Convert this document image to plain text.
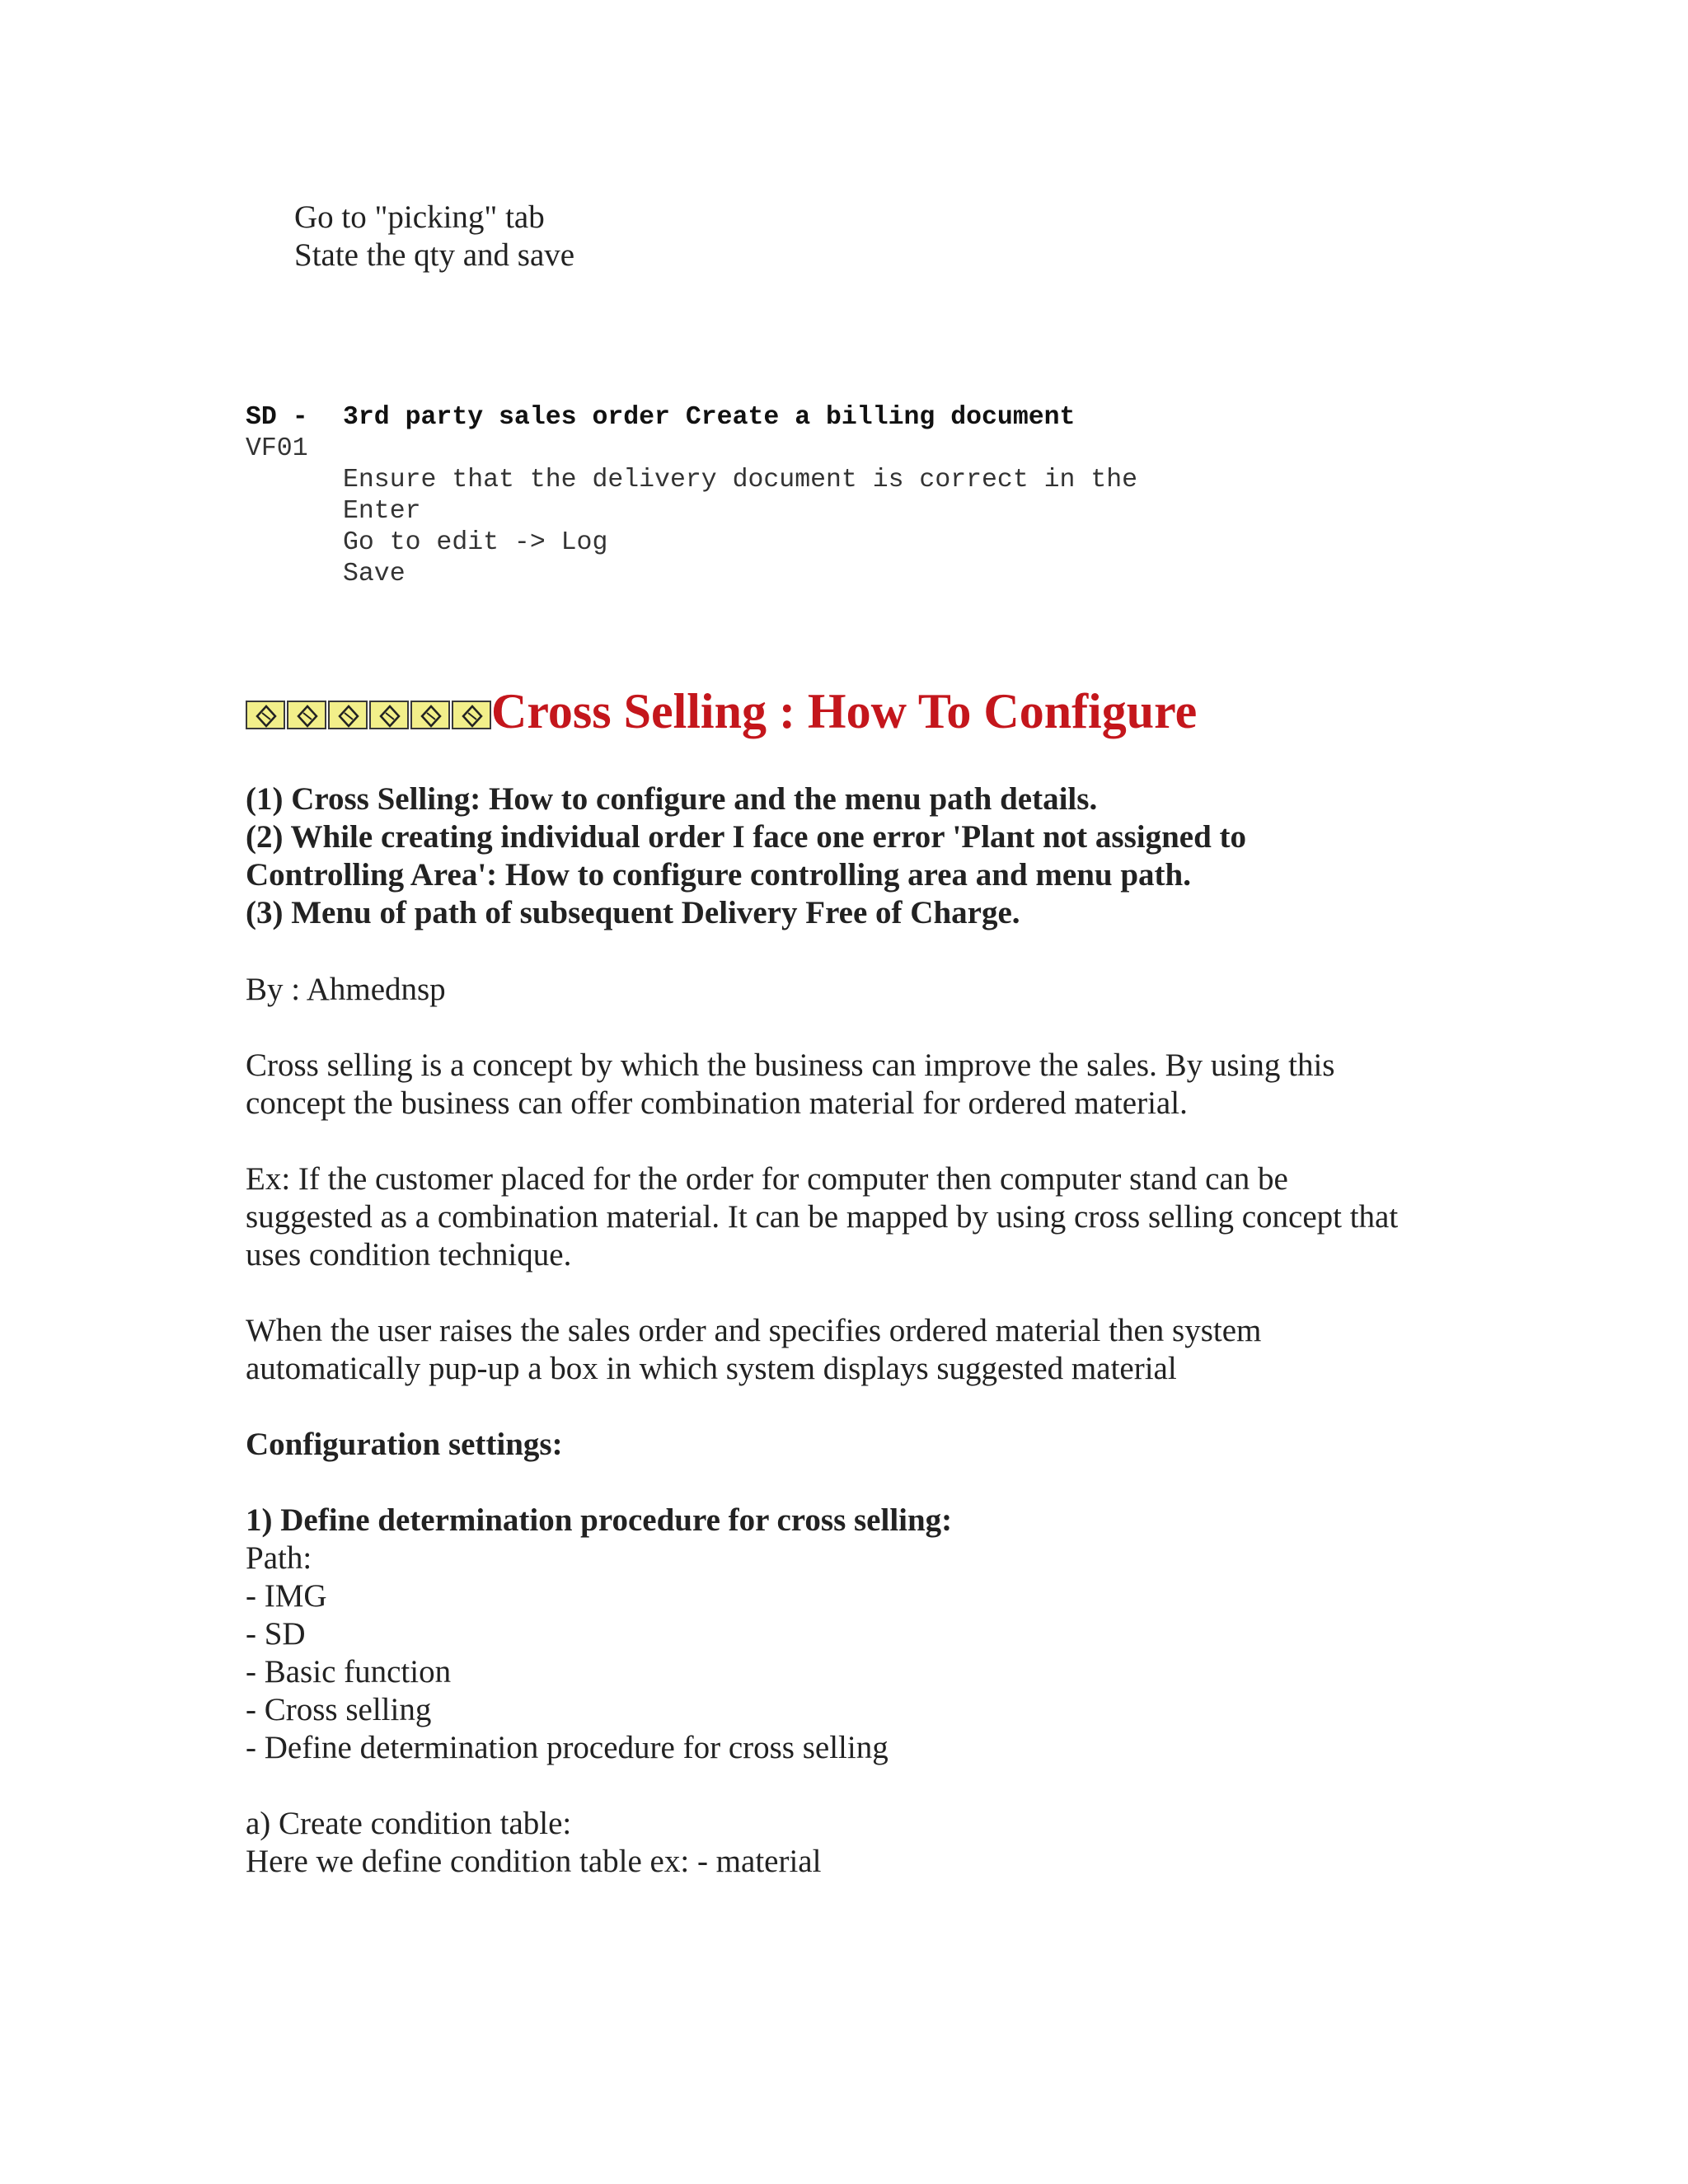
Go to "picking" tab
State the qty and save
SD - 3rd party sales order Create a billing document
VF01
Ensure that the delivery document is correct in the
Enter
Go to edit -> Log
Save
Cross Selling : How To Configure
(1) Cross Selling: How to configure and the menu path details.
(2) While creating individual order I face one error 'Plant not assigned to
Controlling Area': How to configure controlling area and menu path.
(3) Menu of path of subsequent Delivery Free of Charge.
By : Ahmednsp
Cross selling is a concept by which the business can improve the sales. By using this
concept the business can offer combination material for ordered material.
Ex: If the customer placed for the order for computer then computer stand can be
suggested as a combination material. It can be mapped by using cross selling concept that
uses condition technique.
When the user raises the sales order and specifies ordered material then system
automatically pup-up a box in which system displays suggested material
Configuration settings:
1) Define determination procedure for cross selling:
Path:
- IMG
- SD
- Basic function
- Cross selling
- Define determination procedure for cross selling
a) Create condition table:
Here we define condition table ex: - material
